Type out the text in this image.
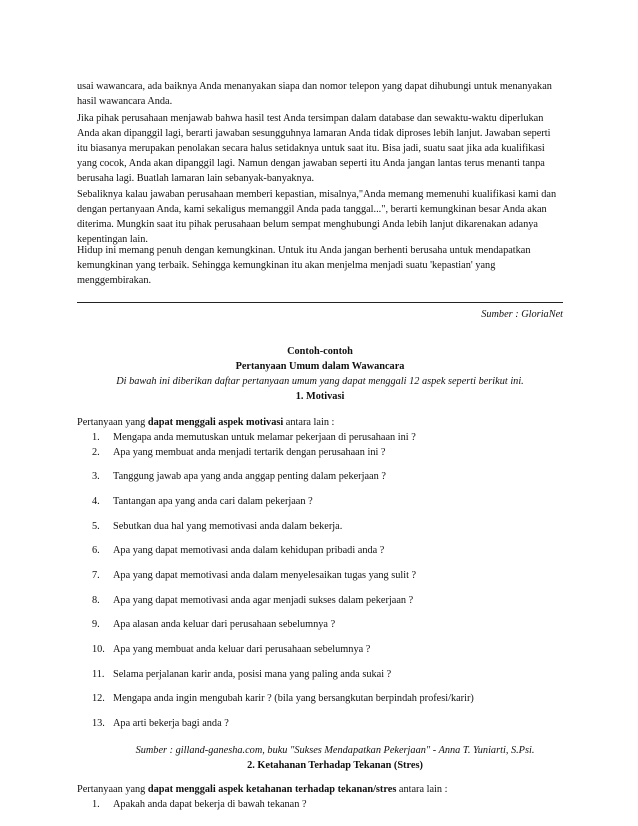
usai wawancara, ada baiknya Anda menanyakan siapa dan nomor telepon yang dapat dihubungi untuk menanyakan hasil wawancara Anda.

Jika pihak perusahaan menjawab bahwa hasil test Anda tersimpan dalam database dan sewaktu-waktu diperlukan Anda akan dipanggil lagi, berarti jawaban sesungguhnya lamaran Anda tidak diproses lebih lanjut. Jawaban seperti itu biasanya merupakan penolakan secara halus setidaknya untuk saat itu. Bisa jadi, suatu saat jika ada kualifikasi yang cocok, Anda akan dipanggil lagi. Namun dengan jawaban seperti itu Anda jangan lantas terus menanti tanpa berusaha lagi. Buatlah lamaran lain sebanyak-banyaknya.

Sebaliknya kalau jawaban perusahaan memberi kepastian, misalnya,"Anda memang memenuhi kualifikasi kami dan dengan pertanyaan Anda, kami sekaligus memanggil Anda pada tanggal...", berarti kemungkinan besar Anda akan diterima. Mungkin saat itu pihak perusahaan belum sempat menghubungi Anda lebih lanjut dikarenakan adanya kepentingan lain.

Hidup ini memang penuh dengan kemungkinan. Untuk itu Anda jangan berhenti berusaha untuk mendapatkan kemungkinan yang terbaik. Sehingga kemungkinan itu akan menjelma menjadi suatu 'kepastian' yang menggembirakan.

Sumber : GloriaNet
Contoh-contoh
Pertanyaan Umum dalam Wawancara
Di bawah ini diberikan daftar pertanyaan umum yang dapat menggali 12 aspek seperti berikut ini.
1. Motivasi
Pertanyaan yang dapat menggali aspek motivasi antara lain :
1. Mengapa anda memutuskan untuk melamar pekerjaan di perusahaan ini ?
2. Apa yang membuat anda menjadi tertarik dengan perusahaan ini ?
3. Tanggung jawab apa yang anda anggap penting dalam pekerjaan ?
4. Tantangan apa yang anda cari dalam pekerjaan ?
5. Sebutkan dua hal yang memotivasi anda dalam bekerja.
6. Apa yang dapat memotivasi anda dalam kehidupan pribadi anda ?
7. Apa yang dapat memotivasi anda dalam menyelesaikan tugas yang sulit ?
8. Apa yang dapat memotivasi anda agar menjadi sukses dalam pekerjaan ?
9. Apa alasan anda keluar dari perusahaan sebelumnya ?
10. Apa yang membuat anda keluar dari perusahaan sebelumnya ?
11. Selama perjalanan karir anda, posisi mana yang paling anda sukai ?
12. Mengapa anda ingin mengubah karir ? (bila yang bersangkutan berpindah profesi/karir)
13. Apa arti bekerja bagi anda ?
Sumber : gilland-ganesha.com, buku "Sukses Mendapatkan Pekerjaan" - Anna T. Yuniarti, S.Psi.
2. Ketahanan Terhadap Tekanan (Stres)
Pertanyaan yang dapat menggali aspek ketahanan terhadap tekanan/stres antara lain :
1. Apakah anda dapat bekerja di bawah tekanan ?
